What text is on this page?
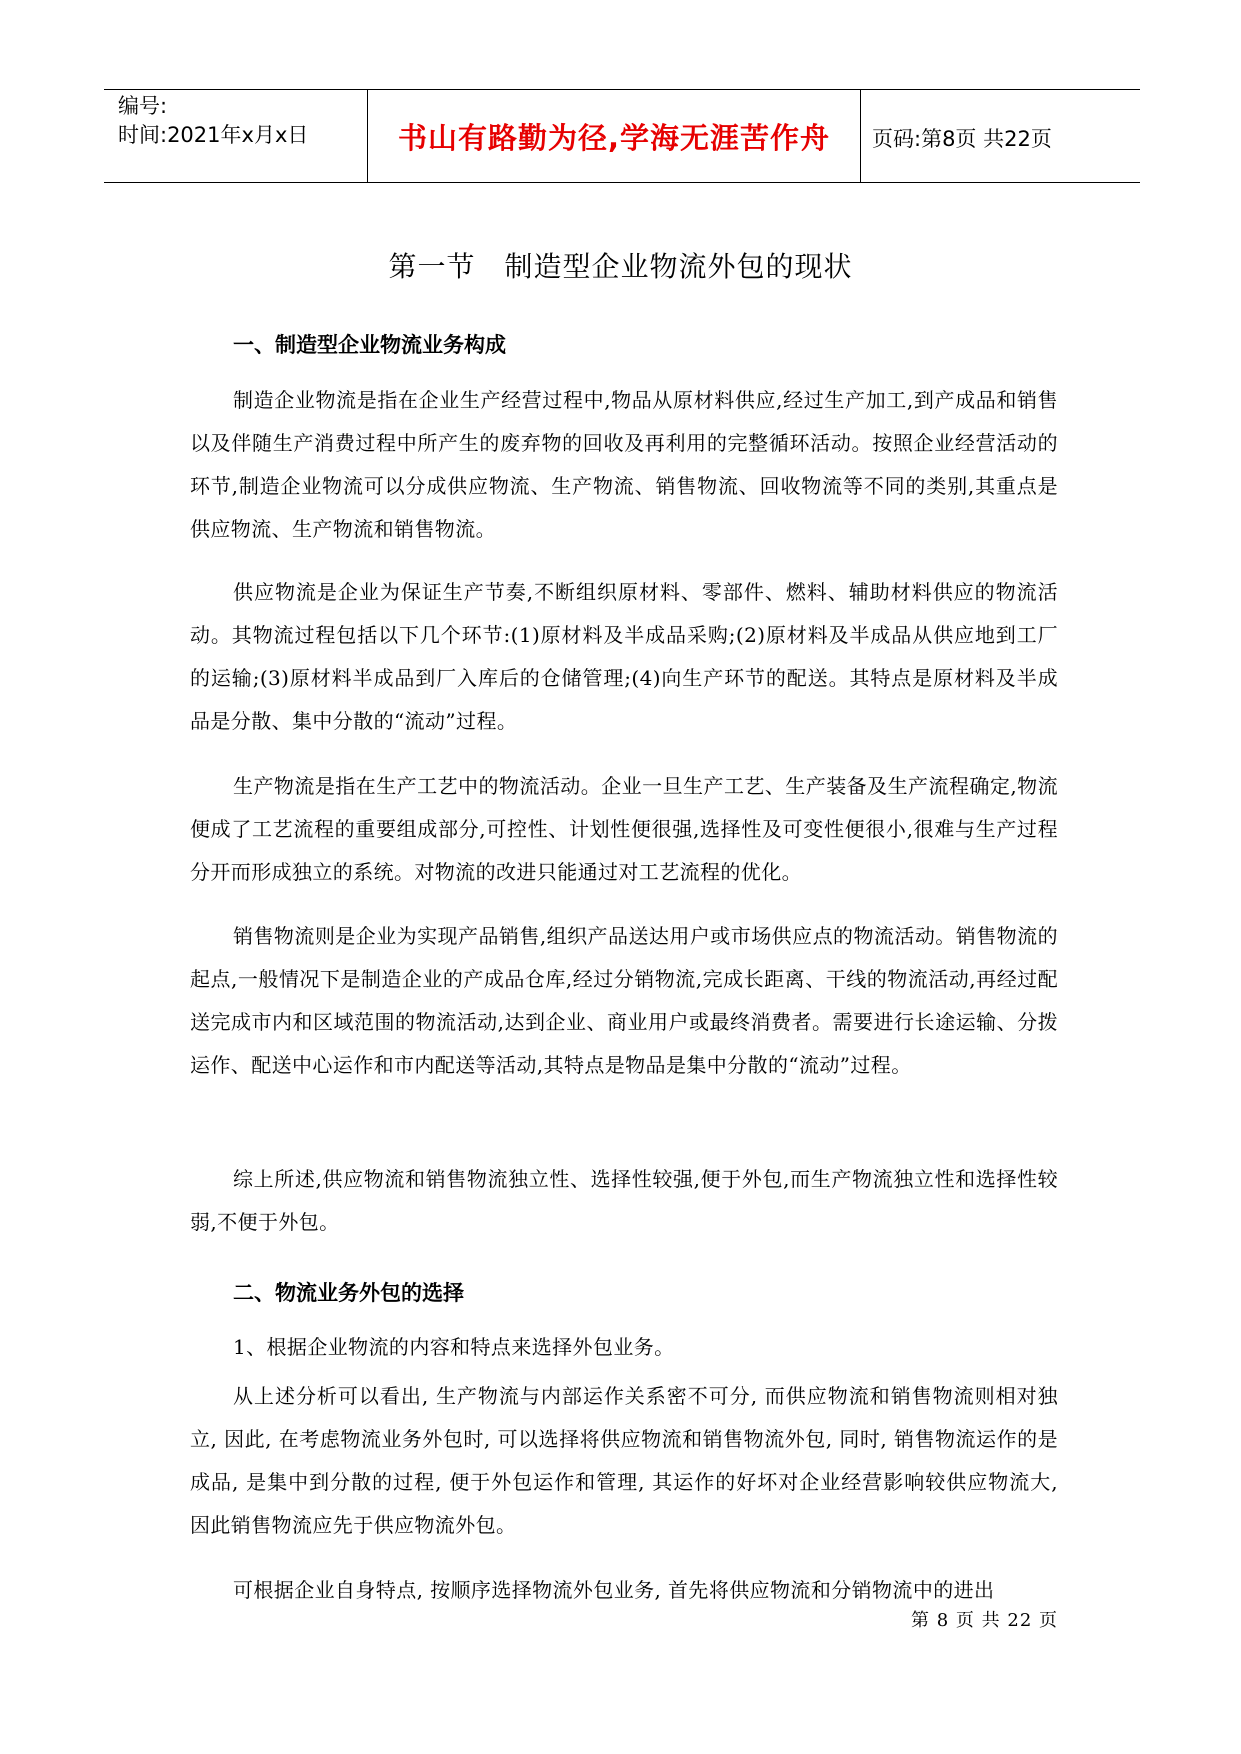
编号:
时间:2021年x月x日	书山有路勤为径,学海无涯苦作舟	页码:第8页 共22页
第一节　制造型企业物流外包的现状
一、制造型企业物流业务构成

制造企业物流是指在企业生产经营过程中,物品从原材料供应,经过生产加工,到产成品和销售以及伴随生产消费过程中所产生的废弃物的回收及再利用的完整循环活动。按照企业经营活动的环节,制造企业物流可以分成供应物流、生产物流、销售物流、回收物流等不同的类别,其重点是供应物流、生产物流和销售物流。

供应物流是企业为保证生产节奏,不断组织原材料、零部件、燃料、辅助材料供应的物流活动。其物流过程包括以下几个环节:(1)原材料及半成品采购;(2)原材料及半成品从供应地到工厂的运输;(3)原材料半成品到厂入库后的仓储管理;(4)向生产环节的配送。其特点是原材料及半成品是分散、集中分散的“流动”过程。

生产物流是指在生产工艺中的物流活动。企业一旦生产工艺、生产装备及生产流程确定,物流便成了工艺流程的重要组成部分,可控性、计划性便很强,选择性及可变性便很小,很难与生产过程分开而形成独立的系统。对物流的改进只能通过对工艺流程的优化。

销售物流则是企业为实现产品销售,组织产品送达用户或市场供应点的物流活动。销售物流的起点,一般情况下是制造企业的产成品仓库,经过分销物流,完成长距离、干线的物流活动,再经过配送完成市内和区域范围的物流活动,达到企业、商业用户或最终消费者。需要进行长途运输、分拨运作、配送中心运作和市内配送等活动,其特点是物品是集中分散的“流动”过程。

综上所述,供应物流和销售物流独立性、选择性较强,便于外包,而生产物流独立性和选择性较弱,不便于外包。

二、物流业务外包的选择

1、根据企业物流的内容和特点来选择外包业务。

从上述分析可以看出, 生产物流与内部运作关系密不可分, 而供应物流和销售物流则相对独立, 因此, 在考虑物流业务外包时, 可以选择将供应物流和销售物流外包, 同时, 销售物流运作的是成品, 是集中到分散的过程, 便于外包运作和管理, 其运作的好坏对企业经营影响较供应物流大, 因此销售物流应先于供应物流外包。

可根据企业自身特点, 按顺序选择物流外包业务, 首先将供应物流和分销物流中的进出

第 8 页 共 22 页
